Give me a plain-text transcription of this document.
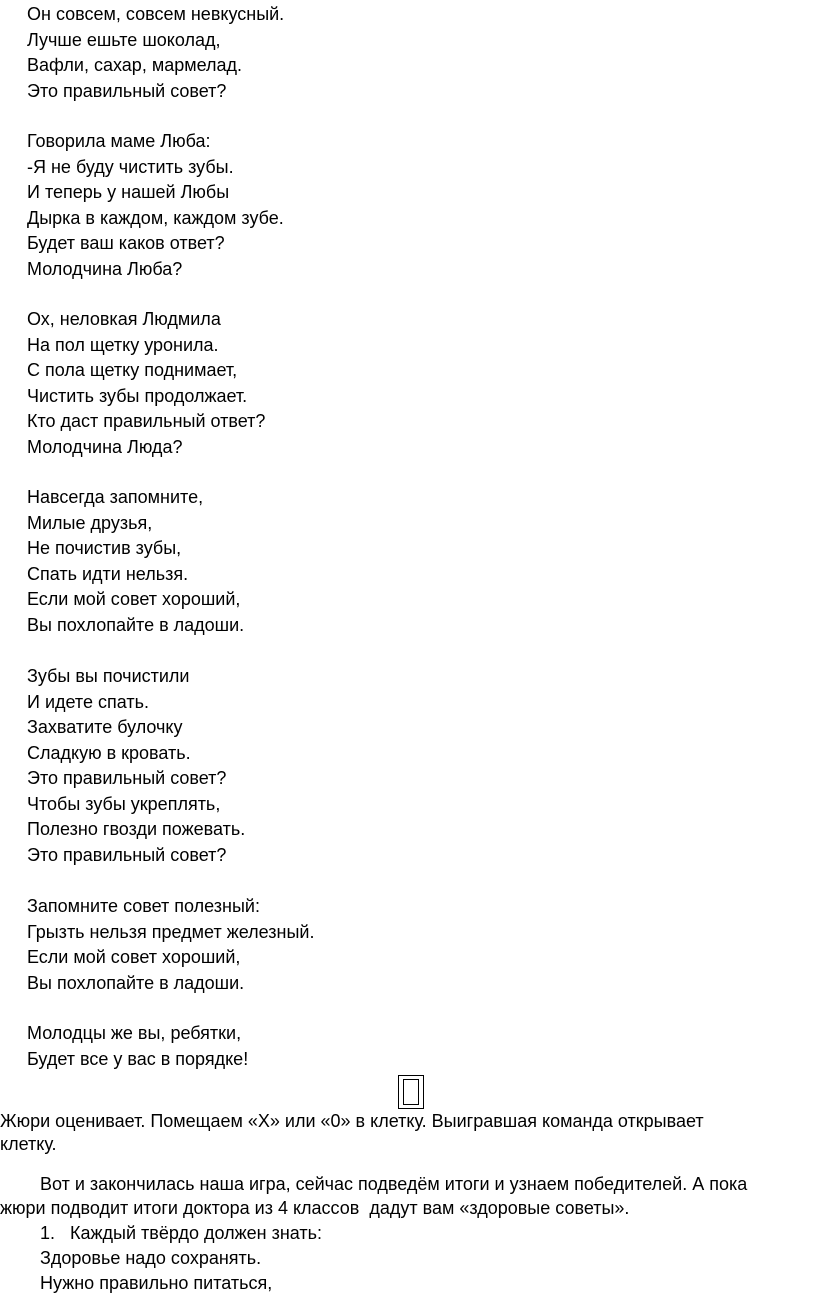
Он совсем, совсем невкусный.
Лучше ешьте шоколад,
Вафли, сахар, мармелад.
Это правильный совет?
Говорила маме Люба:
-Я не буду чистить зубы.
И теперь у нашей Любы
Дырка в каждом, каждом зубе.
Будет ваш каков ответ?
Молодчина Люба?
Ох, неловкая Людмила
На пол щетку уронила.
С пола щетку поднимает,
Чистить зубы продолжает.
Кто даст правильный ответ?
Молодчина Люда?
Навсегда запомните,
Милые друзья,
Не почистив зубы,
Спать идти нельзя.
Если мой совет хороший,
Вы похлопайте в ладоши.
Зубы вы почистили
И идете спать.
Захватите булочку
Сладкую в кровать.
Это правильный совет?
Чтобы зубы укреплять,
Полезно гвозди пожевать.
Это правильный совет?
Запомните совет полезный:
Грызть нельзя предмет железный.
Если мой совет хороший,
Вы похлопайте в ладоши.
Молодцы же вы, ребятки,
Будет все у вас в порядке!
Жюри оценивает. Помещаем «Х» или «0» в клетку. Выигравшая команда открывает
клетку.
Вот и закончилась наша игра, сейчас подведём итоги и узнаем победителей. А пока
жюри подводит итоги доктора из 4 классов  дадут вам «здоровые советы».
1.   Каждый твёрдо должен знать:
Здоровье надо сохранять.
Нужно правильно питаться,
